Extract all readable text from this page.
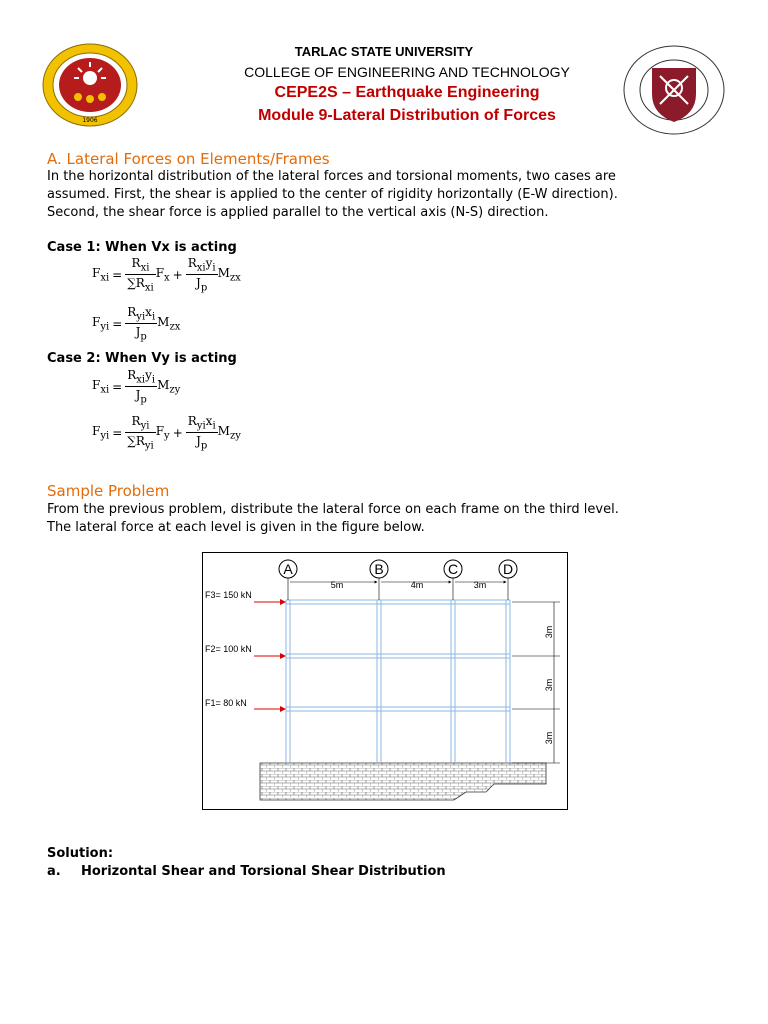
1906
TARLAC STATE UNIVERSITY
COLLEGE OF ENGINEERING AND TECHNOLOGY
CEPE2S – Earthquake Engineering
Module 9-Lateral Distribution of Forces
A. Lateral Forces on Elements/Frames
In the horizontal distribution of the lateral forces and torsional moments, two cases are
assumed. First, the shear is applied to the center of rigidity horizontally (E-W direction).
Second, the shear force is applied parallel to the vertical axis (N-S) direction.
Case 1: When Vx is acting
$F_{xi} = \frac{R_{xi}}{\sum R_{xi}} F_x + \frac{R_{xi}y_i}{J_p} M_{zx}$
$F_{yi} = \frac{R_{yi}x_i}{J_p} M_{zx}$
Case 2: When Vy is acting
$F_{xi} = \frac{R_{xi}y_i}{J_p} M_{zy}$
$F_{yi} = \frac{R_{yi}}{\sum R_{yi}} F_y + \frac{R_{yi}x_i}{J_p} M_{zy}$
Sample Problem
From the previous problem, distribute the lateral force on each frame on the third level.
The lateral force at each level is given in the figure below.
A	B	C	D
5m	4m	3m
3m
3m
3m
F3= 150 kN
F2= 100 kN
F1= 80 kN
Solution:
a. Horizontal Shear and Torsional Shear Distribution
